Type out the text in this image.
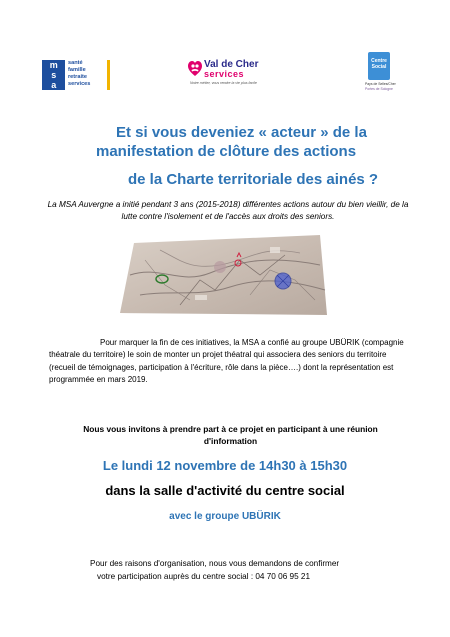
m
s
a
santé
famille
retraite
services
Val de Cher
services
Notre métier, vous rendre la vie plus facile
Centre Social
Pays de Selles/Cher
Portes de Sologne
Et si vous deveniez « acteur » de la
manifestation de clôture des actions
de la Charte territoriale des ainés ?
La MSA Auvergne a initié pendant 3 ans (2015-2018) différentes actions autour du bien vieillir, de la lutte contre l'isolement et de l'accès aux droits des seniors.
Pour marquer la fin de ces initiatives, la MSA a confié au groupe UBÜRIK (compagnie théatrale du territoire) le soin de monter un projet théatral qui associera des seniors du territoire (recueil de témoignages, participation à l'écriture, rôle dans la pièce….) dont la représentation est programmée en mars 2019.
Nous vous invitons à prendre part à ce projet en participant à une réunion d'information
Le lundi 12 novembre de 14h30 à 15h30
dans la salle d'activité du centre social
avec le groupe UBÜRIK
Pour des raisons d'organisation, nous vous demandons de confirmer
votre participation auprès du centre social : 04 70 06 95 21
